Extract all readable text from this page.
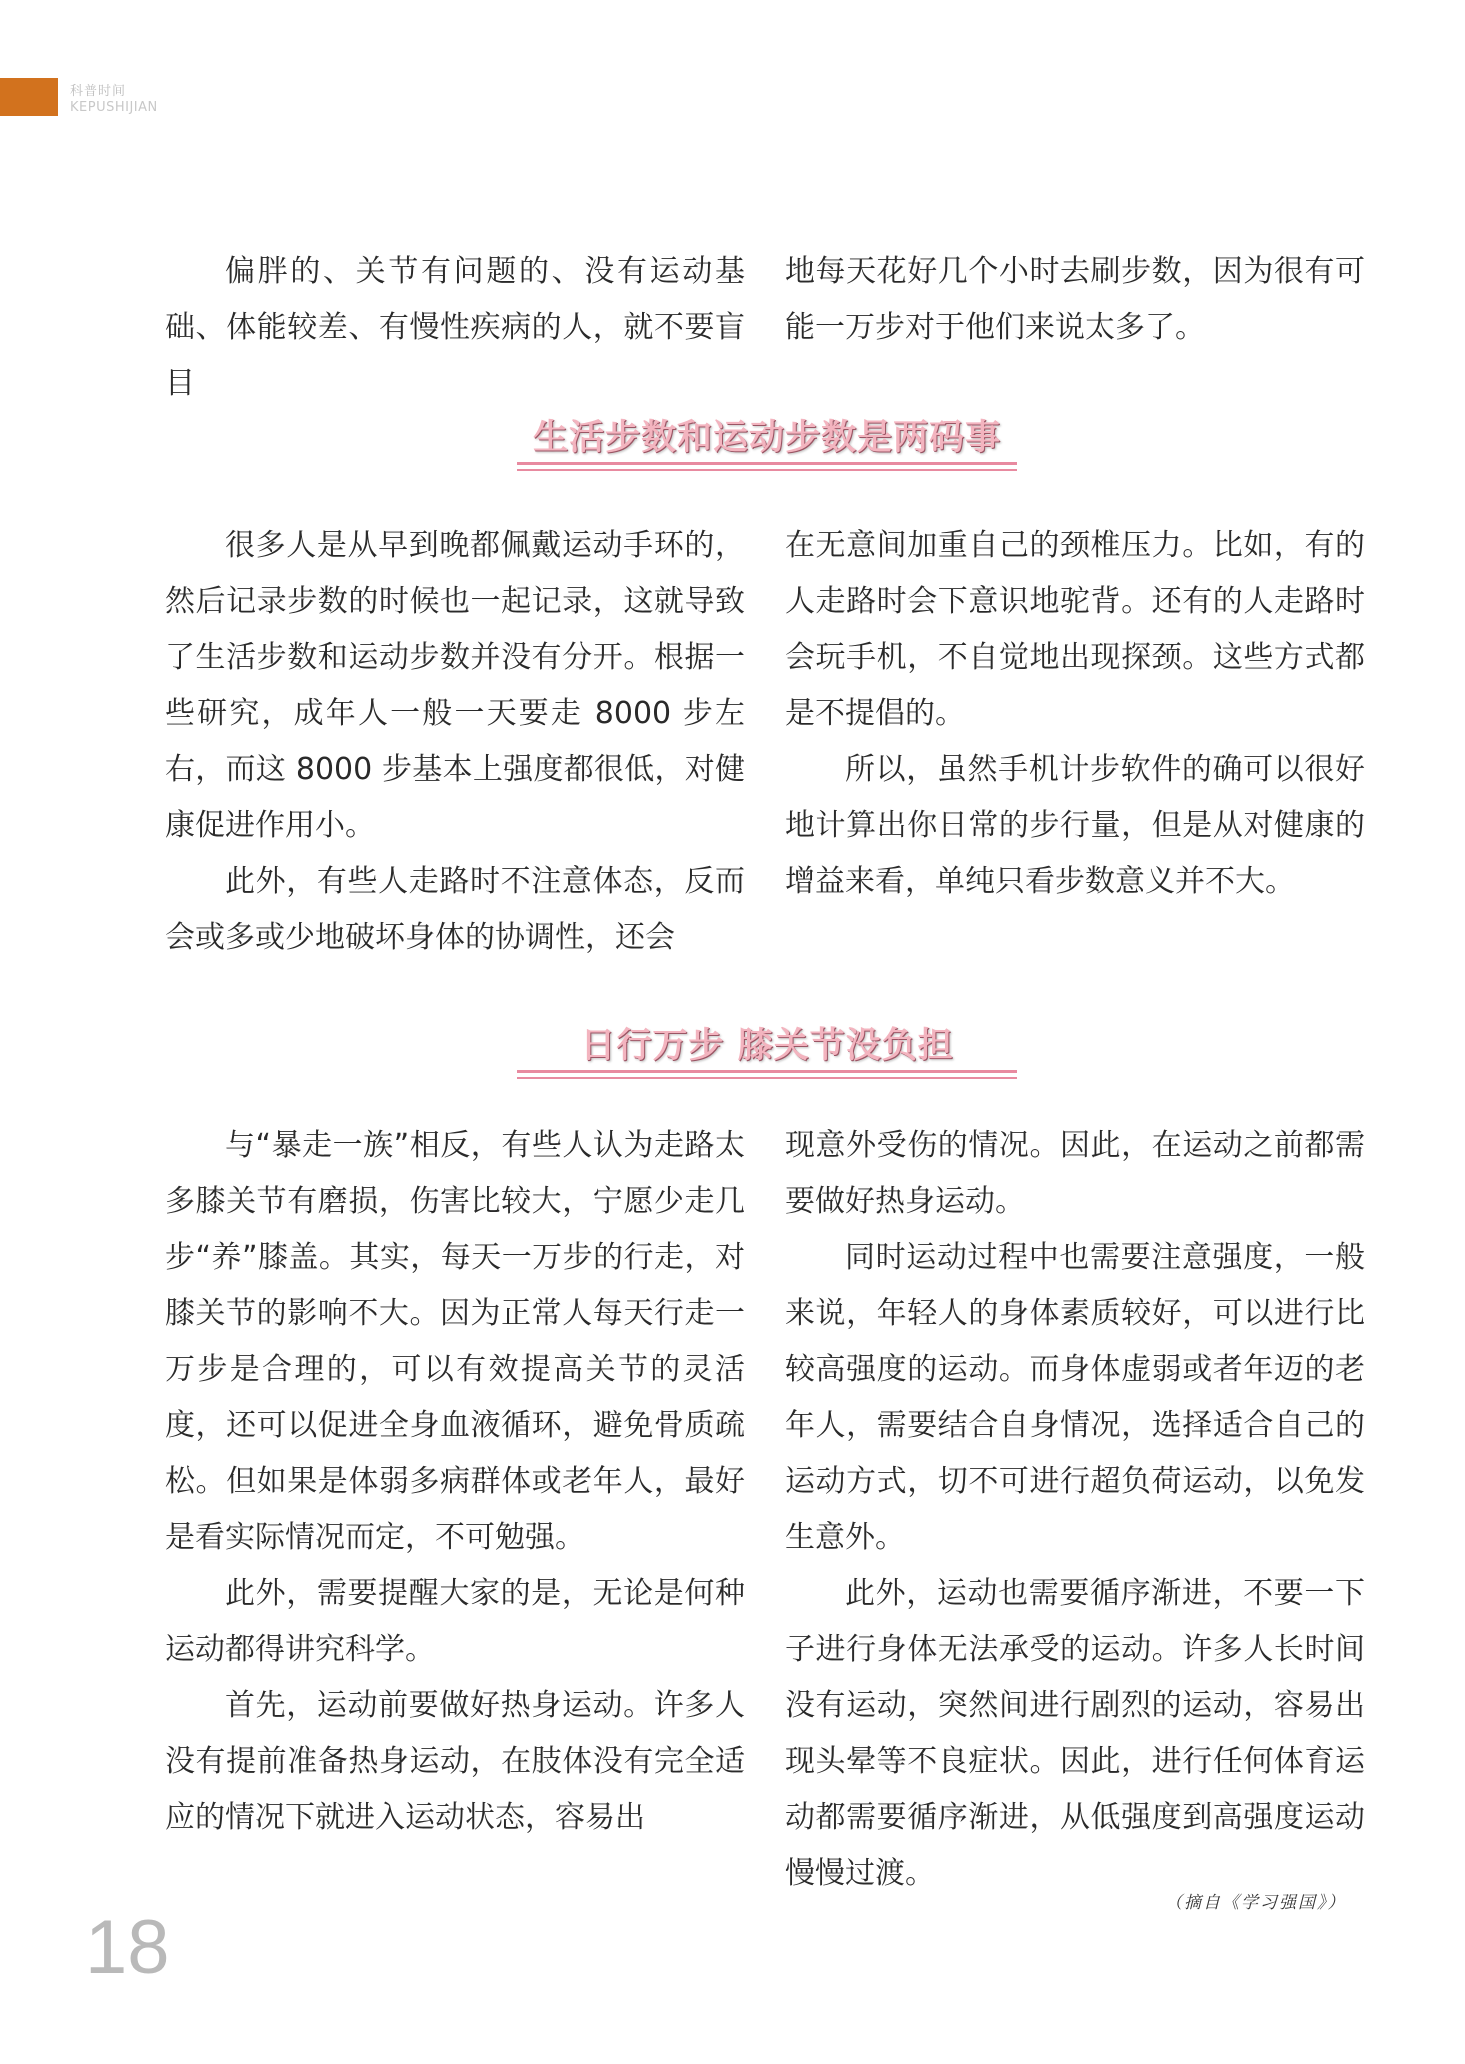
科普时间
KEPUSHIJIAN

偏胖的、关节有问题的、没有运动基础、体能较差、有慢性疾病的人，就不要盲目

地每天花好几个小时去刷步数，因为很有可能一万步对于他们来说太多了。

生活步数和运动步数是两码事

很多人是从早到晚都佩戴运动手环的，然后记录步数的时候也一起记录，这就导致了生活步数和运动步数并没有分开。根据一些研究，成年人一般一天要走 8000 步左右，而这 8000 步基本上强度都很低，对健康促进作用小。

此外，有些人走路时不注意体态，反而会或多或少地破坏身体的协调性，还会

在无意间加重自己的颈椎压力。比如，有的人走路时会下意识地驼背。还有的人走路时会玩手机，不自觉地出现探颈。这些方式都是不提倡的。

所以，虽然手机计步软件的确可以很好地计算出你日常的步行量，但是从对健康的增益来看，单纯只看步数意义并不大。

日行万步 膝关节没负担

与“暴走一族”相反，有些人认为走路太多膝关节有磨损，伤害比较大，宁愿少走几步“养”膝盖。其实，每天一万步的行走，对膝关节的影响不大。因为正常人每天行走一万步是合理的，可以有效提高关节的灵活度，还可以促进全身血液循环，避免骨质疏松。但如果是体弱多病群体或老年人，最好是看实际情况而定，不可勉强。

此外，需要提醒大家的是，无论是何种运动都得讲究科学。

首先，运动前要做好热身运动。许多人没有提前准备热身运动，在肢体没有完全适应的情况下就进入运动状态，容易出

现意外受伤的情况。因此，在运动之前都需要做好热身运动。

同时运动过程中也需要注意强度，一般来说，年轻人的身体素质较好，可以进行比较高强度的运动。而身体虚弱或者年迈的老年人，需要结合自身情况，选择适合自己的运动方式，切不可进行超负荷运动，以免发生意外。

此外，运动也需要循序渐进，不要一下子进行身体无法承受的运动。许多人长时间没有运动，突然间进行剧烈的运动，容易出现头晕等不良症状。因此，进行任何体育运动都需要循序渐进，从低强度到高强度运动慢慢过渡。

（摘自《学习强国》）
18
